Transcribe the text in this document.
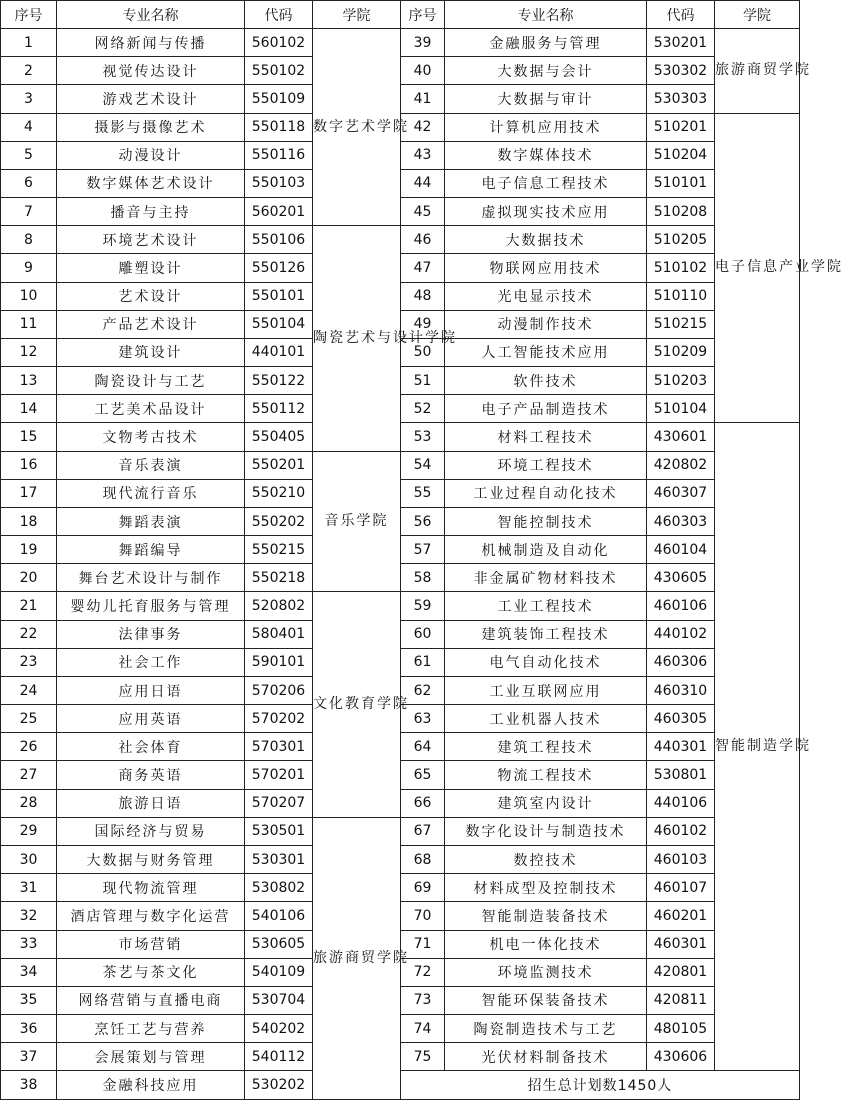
序号	专业名称	代码	学院	序号	专业名称	代码	学院
1	网络新闻与传播	560102	数字艺术学院	39	金融服务与管理	530201	旅游商贸学院
2	视觉传达设计	550102		40	大数据与会计	530302	
3	游戏艺术设计	550109		41	大数据与审计	530303	
4	摄影与摄像艺术	550118		42	计算机应用技术	510201	电子信息产业学院
5	动漫设计	550116		43	数字媒体技术	510204	
6	数字媒体艺术设计	550103		44	电子信息工程技术	510101	
7	播音与主持	560201		45	虚拟现实技术应用	510208	
8	环境艺术设计	550106	陶瓷艺术与设计学院	46	大数据技术	510205	
9	雕塑设计	550126		47	物联网应用技术	510102	
10	艺术设计	550101		48	光电显示技术	510110	
11	产品艺术设计	550104		49	动漫制作技术	510215	
12	建筑设计	440101		50	人工智能技术应用	510209	
13	陶瓷设计与工艺	550122		51	软件技术	510203	
14	工艺美术品设计	550112		52	电子产品制造技术	510104	
15	文物考古技术	550405		53	材料工程技术	430601	智能制造学院
16	音乐表演	550201	音乐学院	54	环境工程技术	420802	
17	现代流行音乐	550210		55	工业过程自动化技术	460307	
18	舞蹈表演	550202		56	智能控制技术	460303	
19	舞蹈编导	550215		57	机械制造及自动化	460104	
20	舞台艺术设计与制作	550218		58	非金属矿物材料技术	430605	
21	婴幼儿托育服务与管理	520802	文化教育学院	59	工业工程技术	460106	
22	法律事务	580401		60	建筑装饰工程技术	440102	
23	社会工作	590101		61	电气自动化技术	460306	
24	应用日语	570206		62	工业互联网应用	460310	
25	应用英语	570202		63	工业机器人技术	460305	
26	社会体育	570301		64	建筑工程技术	440301	
27	商务英语	570201		65	物流工程技术	530801	
28	旅游日语	570207		66	建筑室内设计	440106	
29	国际经济与贸易	530501	旅游商贸学院	67	数字化设计与制造技术	460102	
30	大数据与财务管理	530301		68	数控技术	460103	
31	现代物流管理	530802		69	材料成型及控制技术	460107	
32	酒店管理与数字化运营	540106		70	智能制造装备技术	460201	
33	市场营销	530605		71	机电一体化技术	460301	
34	茶艺与茶文化	540109		72	环境监测技术	420801	
35	网络营销与直播电商	530704		73	智能环保装备技术	420811	
36	烹饪工艺与营养	540202		74	陶瓷制造技术与工艺	480105	
37	会展策划与管理	540112		75	光伏材料制备技术	430606	
38	金融科技应用	530202		招生总计划数1450人			
